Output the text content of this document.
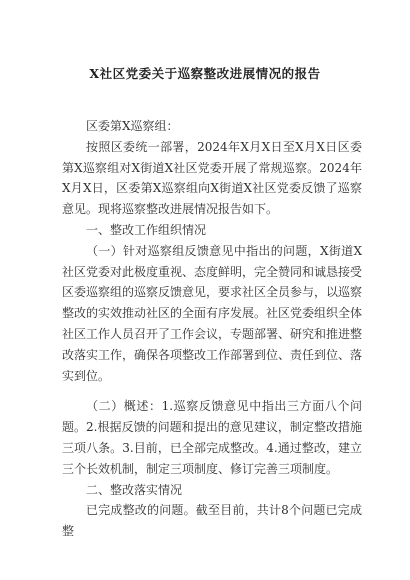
X社区党委关于巡察整改进展情况的报告

区委第X巡察组：

按照区委统一部署，2024年X月X日至X月X日区委第X巡察组对X街道X社区党委开展了常规巡察。2024年X月X日，区委第X巡察组向X街道X社区党委反馈了巡察意见。现将巡察整改进展情况报告如下。

一、整改工作组织情况

（一）针对巡察组反馈意见中指出的问题，X街道X社区党委对此极度重视、态度鲜明，完全赞同和诚恳接受区委巡察组的巡察反馈意见，要求社区全员参与，以巡察整改的实效推动社区的全面有序发展。社区党委组织全体社区工作人员召开了工作会议，专题部署、研究和推进整改落实工作，确保各项整改工作部署到位、责任到位、落实到位。

（二）概述：1.巡察反馈意见中指出三方面八个问题。2.根据反馈的问题和提出的意见建议，制定整改措施三项八条。3.目前，已全部完成整改。4.通过整改，建立三个长效机制，制定三项制度、修订完善三项制度。

二、整改落实情况

已完成整改的问题。截至目前，共计8个问题已完成整
